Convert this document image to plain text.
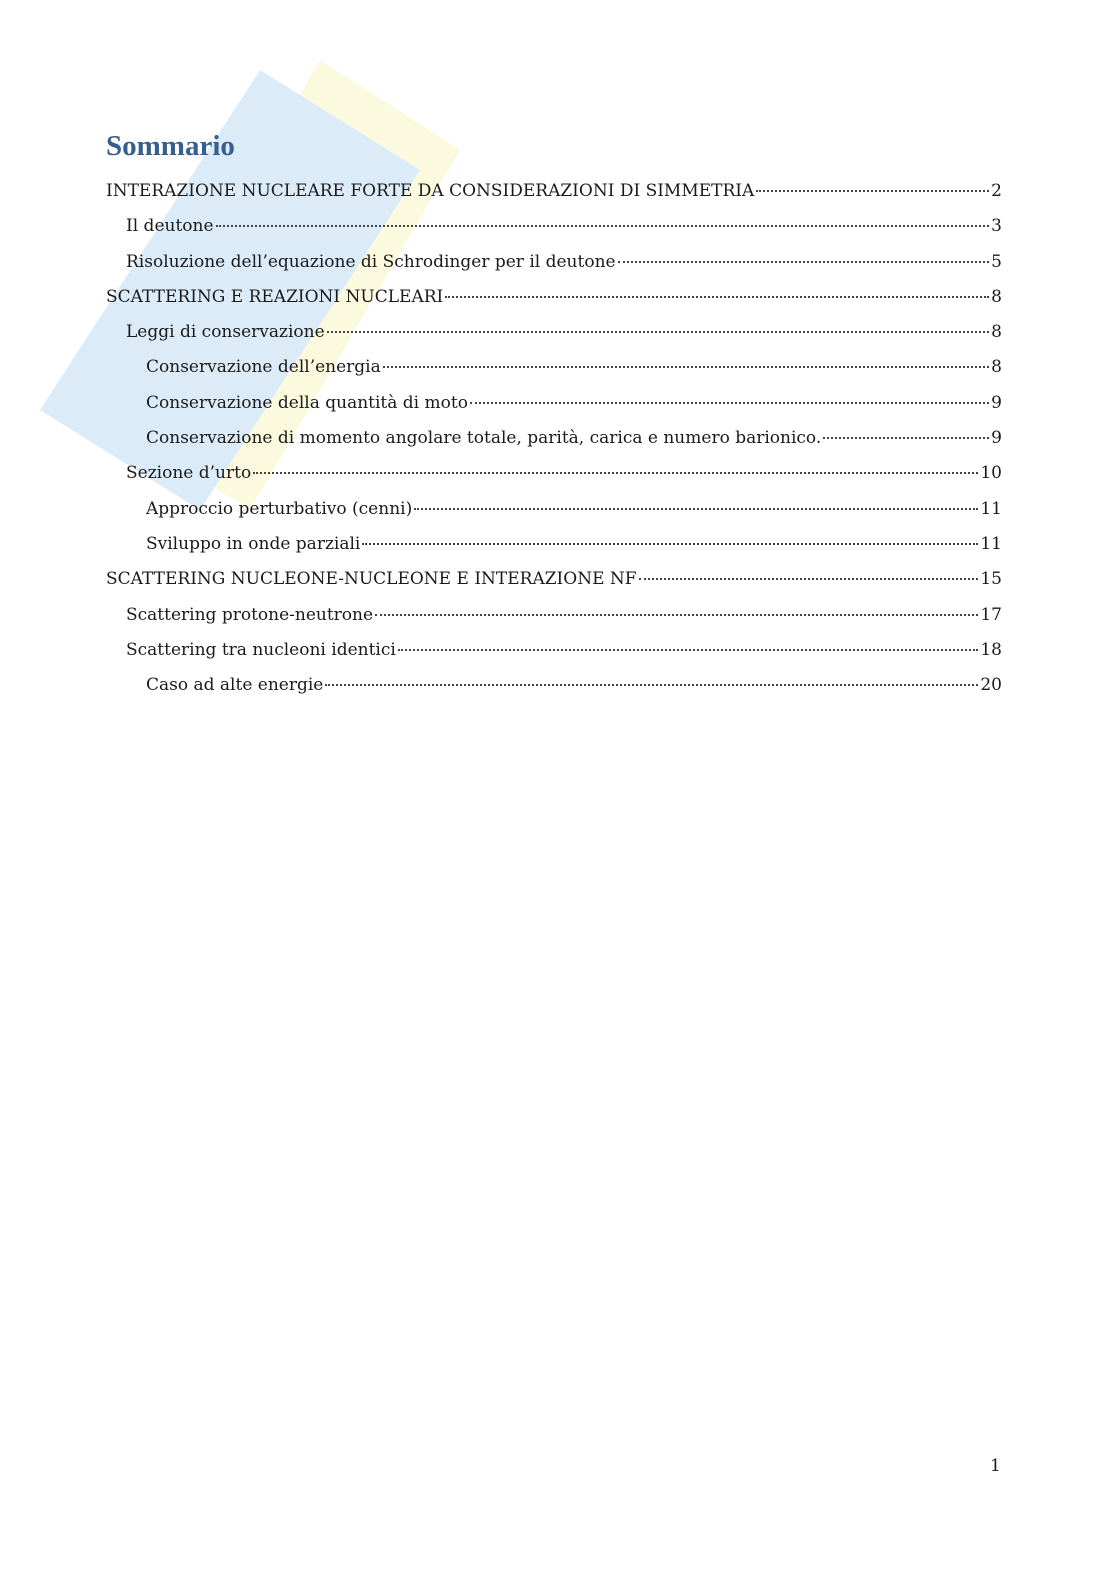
Sommario
INTERAZIONE NUCLEARE FORTE DA CONSIDERAZIONI DI SIMMETRIA	2
Il deutone	3
Risoluzione dell’equazione di Schrodinger per il deutone	5
SCATTERING E REAZIONI NUCLEARI	8
Leggi di conservazione	8
Conservazione dell’energia	8
Conservazione della quantità di moto	9
Conservazione di momento angolare totale, parità, carica e numero barionico.	9
Sezione d’urto	10
Approccio perturbativo (cenni)	11
Sviluppo in onde parziali	11
SCATTERING NUCLEONE-NUCLEONE E INTERAZIONE NF	15
Scattering protone-neutrone	17
Scattering tra nucleoni identici	18
Caso ad alte energie	20
1
